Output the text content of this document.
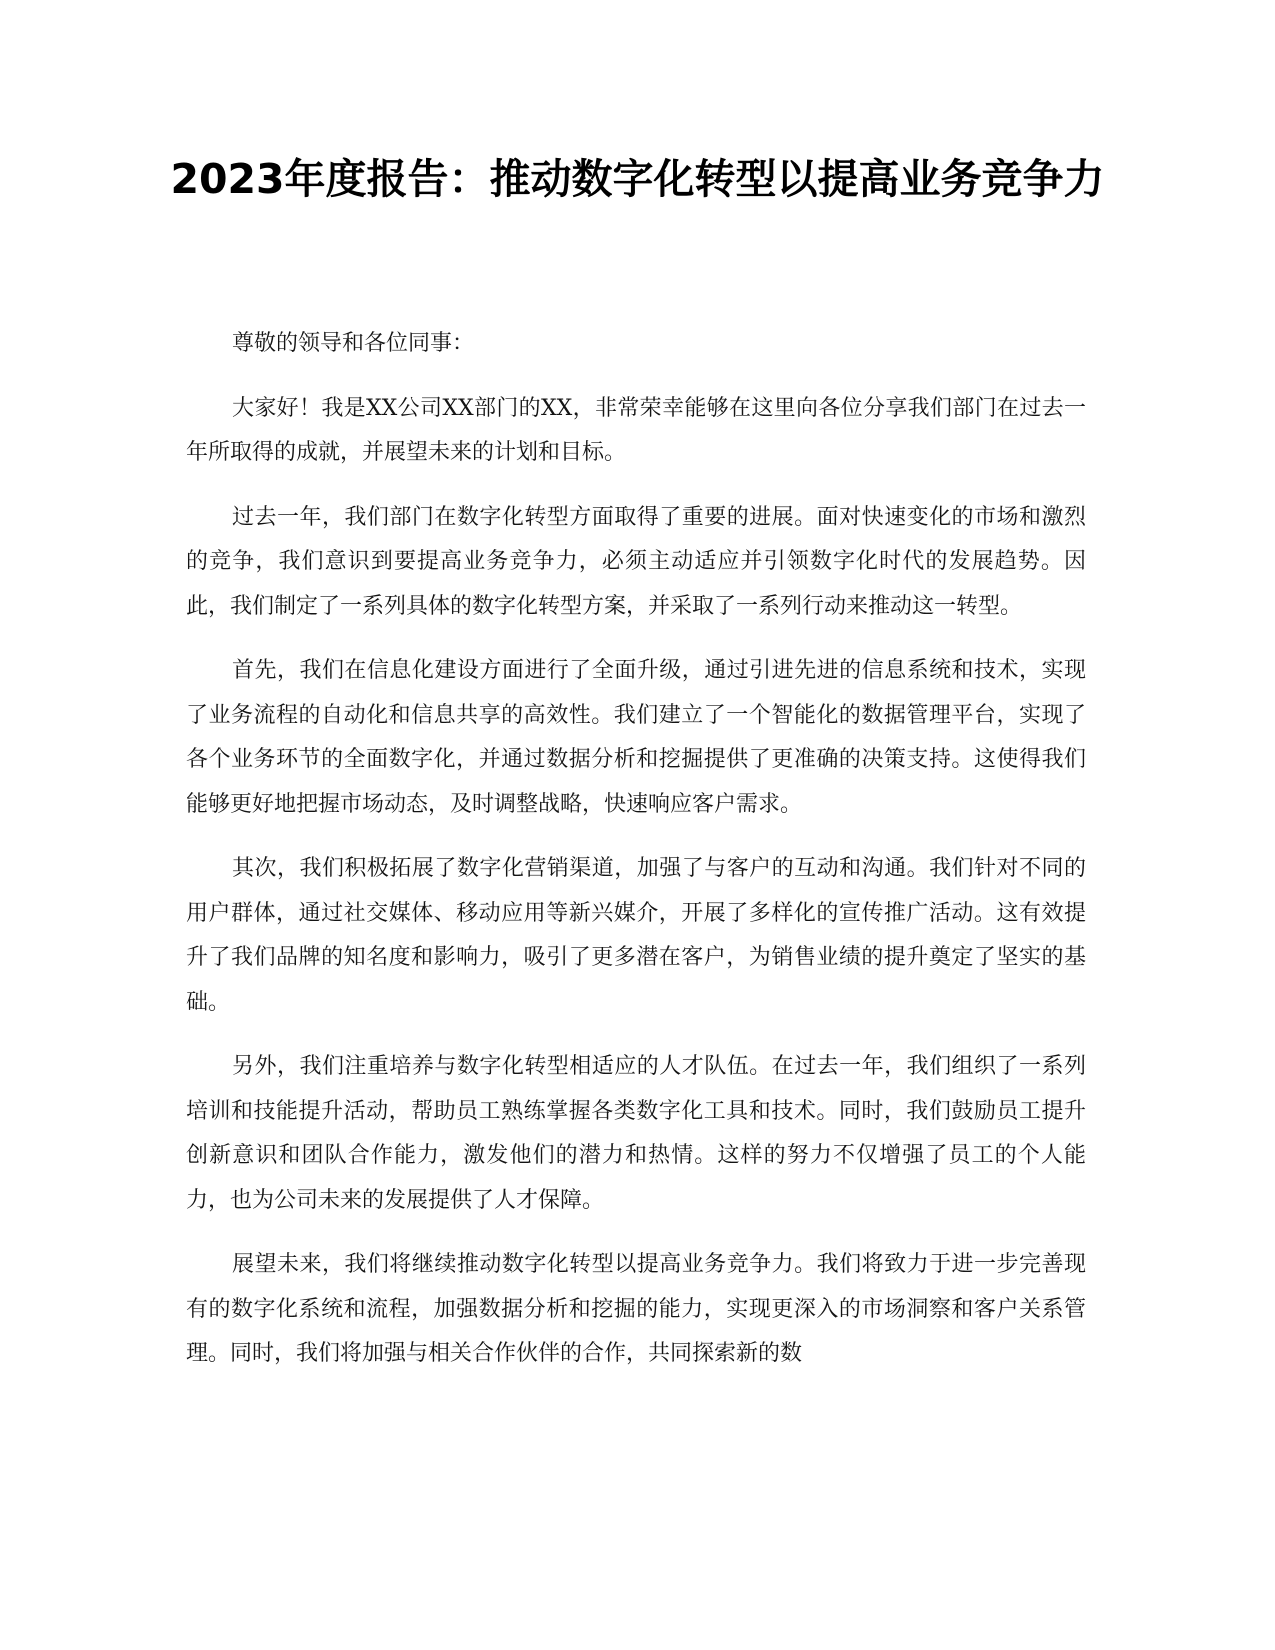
2023年度报告：推动数字化转型以提高业务竞争力

尊敬的领导和各位同事：

大家好！我是XX公司XX部门的XX，非常荣幸能够在这里向各位分享我们部门在过去一年所取得的成就，并展望未来的计划和目标。

过去一年，我们部门在数字化转型方面取得了重要的进展。面对快速变化的市场和激烈的竞争，我们意识到要提高业务竞争力，必须主动适应并引领数字化时代的发展趋势。因此，我们制定了一系列具体的数字化转型方案，并采取了一系列行动来推动这一转型。

首先，我们在信息化建设方面进行了全面升级，通过引进先进的信息系统和技术，实现了业务流程的自动化和信息共享的高效性。我们建立了一个智能化的数据管理平台，实现了各个业务环节的全面数字化，并通过数据分析和挖掘提供了更准确的决策支持。这使得我们能够更好地把握市场动态，及时调整战略，快速响应客户需求。

其次，我们积极拓展了数字化营销渠道，加强了与客户的互动和沟通。我们针对不同的用户群体，通过社交媒体、移动应用等新兴媒介，开展了多样化的宣传推广活动。这有效提升了我们品牌的知名度和影响力，吸引了更多潜在客户，为销售业绩的提升奠定了坚实的基础。

另外，我们注重培养与数字化转型相适应的人才队伍。在过去一年，我们组织了一系列培训和技能提升活动，帮助员工熟练掌握各类数字化工具和技术。同时，我们鼓励员工提升创新意识和团队合作能力，激发他们的潜力和热情。这样的努力不仅增强了员工的个人能力，也为公司未来的发展提供了人才保障。

展望未来，我们将继续推动数字化转型以提高业务竞争力。我们将致力于进一步完善现有的数字化系统和流程，加强数据分析和挖掘的能力，实现更深入的市场洞察和客户关系管理。同时，我们将加强与相关合作伙伴的合作，共同探索新的数
